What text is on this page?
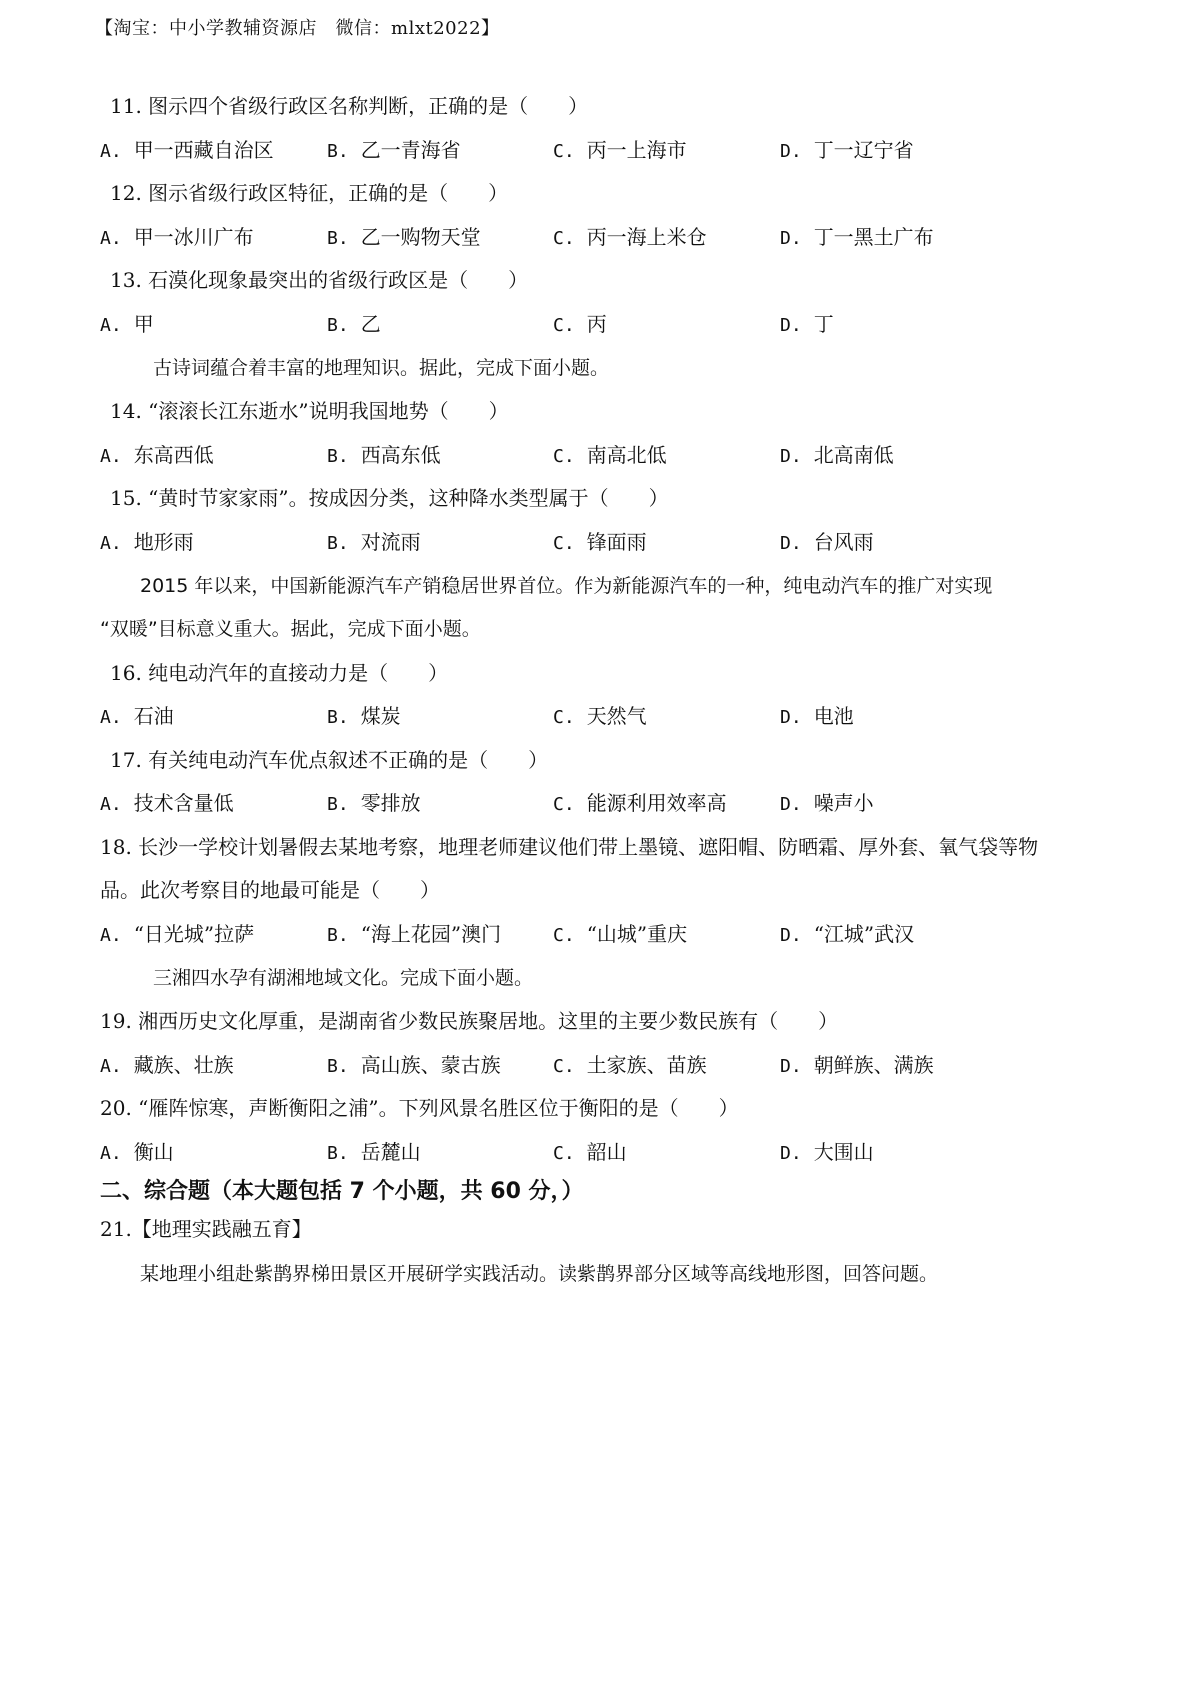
【淘宝：中小学教辅资源店　微信：mlxt2022】
11. 图示四个省级行政区名称判断，正确的是（　　）
A. 甲一西藏自治区	B. 乙一青海省	C. 丙一上海市	D. 丁一辽宁省
12. 图示省级行政区特征，正确的是（　　）
A. 甲一冰川广布	B. 乙一购物天堂	C. 丙一海上米仓	D. 丁一黑土广布
13. 石漠化现象最突出的省级行政区是（　　）
A. 甲	B. 乙	C. 丙	D. 丁
古诗词蕴合着丰富的地理知识。据此，完成下面小题。
14. “滚滚长江东逝水”说明我国地势（　　）
A. 东高西低	B. 西高东低	C. 南高北低	D. 北高南低
15. “黄时节家家雨”。按成因分类，这种降水类型属于（　　）
A. 地形雨	B. 对流雨	C. 锋面雨	D. 台风雨
2015 年以来，中国新能源汽车产销稳居世界首位。作为新能源汽车的一种，纯电动汽车的推广对实现
“双暖”目标意义重大。据此，完成下面小题。
16. 纯电动汽年的直接动力是（　　）
A. 石油	B. 煤炭	C. 天然气	D. 电池
17. 有关纯电动汽车优点叙述不正确的是（　　）
A. 技术含量低	B. 零排放	C. 能源利用效率高	D. 噪声小
18. 长沙一学校计划暑假去某地考察，地理老师建议他们带上墨镜、遮阳帽、防晒霜、厚外套、氧气袋等物
品。此次考察目的地最可能是（　　）
A. “日光城”拉萨	B. “海上花园”澳门	C. “山城”重庆	D. “江城”武汉
三湘四水孕有湖湘地域文化。完成下面小题。
19. 湘西历史文化厚重，是湖南省少数民族聚居地。这里的主要少数民族有（　　）
A. 藏族、壮族	B. 高山族、蒙古族	C. 土家族、苗族	D. 朝鲜族、满族
20. “雁阵惊寒，声断衡阳之浦”。下列风景名胜区位于衡阳的是（　　）
A. 衡山	B. 岳麓山	C. 韶山	D. 大围山
二、综合题（本大题包括 7 个小题，共 60 分，）
21.【地理实践融五育】
某地理小组赴紫鹊界梯田景区开展研学实践活动。读紫鹊界部分区域等高线地形图，回答问题。
